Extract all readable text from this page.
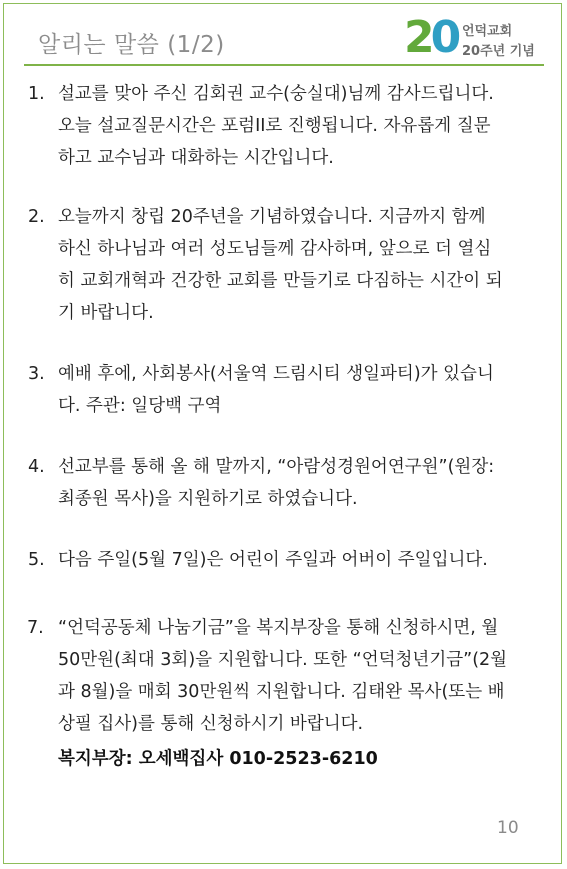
알리는 말씀 (1/2)	20 언덕교회
20주년 기념
1. 설교를 맞아 주신 김회권 교수(숭실대)님께 감사드립니다.
오늘 설교질문시간은 포럼II로 진행됩니다. 자유롭게 질문
하고 교수님과 대화하는 시간입니다.
2. 오늘까지 창립 20주년을 기념하였습니다. 지금까지 함께
하신 하나님과 여러 성도님들께 감사하며, 앞으로 더 열심
히 교회개혁과 건강한 교회를 만들기로 다짐하는 시간이 되
기 바랍니다.
3. 예배 후에, 사회봉사(서울역 드림시티 생일파티)가 있습니
다. 주관: 일당백 구역
4. 선교부를 통해 올 해 말까지, “아람성경원어연구원”(원장:
최종원 목사)을 지원하기로 하였습니다.
5. 다음 주일(5월 7일)은 어린이 주일과 어버이 주일입니다.
7. “언덕공동체 나눔기금”을 복지부장을 통해 신청하시면, 월
50만원(최대 3회)을 지원합니다. 또한 “언덕청년기금”(2월
과 8월)을 매회 30만원씩 지원합니다. 김태완 목사(또는 배
상필 집사)를 통해 신청하시기 바랍니다.
복지부장: 오세백집사 010-2523-6210
10
